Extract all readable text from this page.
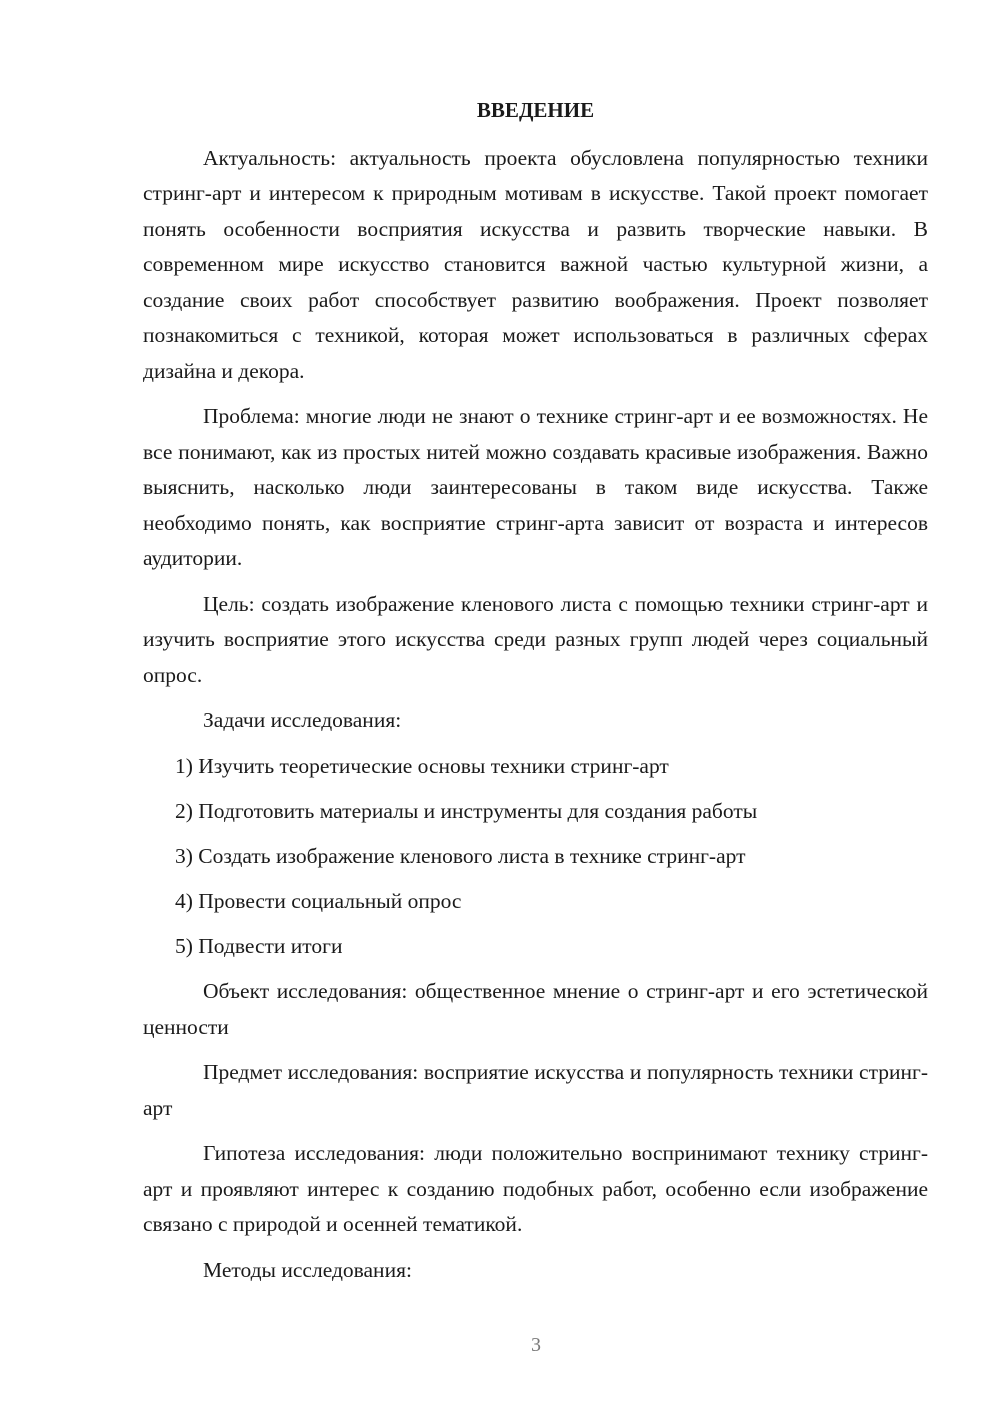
ВВЕДЕНИЕ

Актуальность: актуальность проекта обусловлена популярностью техники стринг-арт и интересом к природным мотивам в искусстве. Такой проект помогает понять особенности восприятия искусства и развить творческие навыки. В современном мире искусство становится важной частью культурной жизни, а создание своих работ способствует развитию воображения. Проект позволяет познакомиться с техникой, которая может использоваться в различных сферах дизайна и декора.

Проблема: многие люди не знают о технике стринг-арт и ее возможностях. Не все понимают, как из простых нитей можно создавать красивые изображения. Важно выяснить, насколько люди заинтересованы в таком виде искусства. Также необходимо понять, как восприятие стринг-арта зависит от возраста и интересов аудитории.

Цель: создать изображение кленового листа с помощью техники стринг-арт и изучить восприятие этого искусства среди разных групп людей через социальный опрос.

Задачи исследования:

1) Изучить теоретические основы техники стринг-арт
2) Подготовить материалы и инструменты для создания работы
3) Создать изображение кленового листа в технике стринг-арт
4) Провести социальный опрос
5) Подвести итоги

Объект исследования: общественное мнение о стринг-арт и его эстетической ценности

Предмет исследования: восприятие искусства и популярность техники стринг-арт

Гипотеза исследования: люди положительно воспринимают технику стринг-арт и проявляют интерес к созданию подобных работ, особенно если изображение связано с природой и осенней тематикой.

Методы исследования:

3
